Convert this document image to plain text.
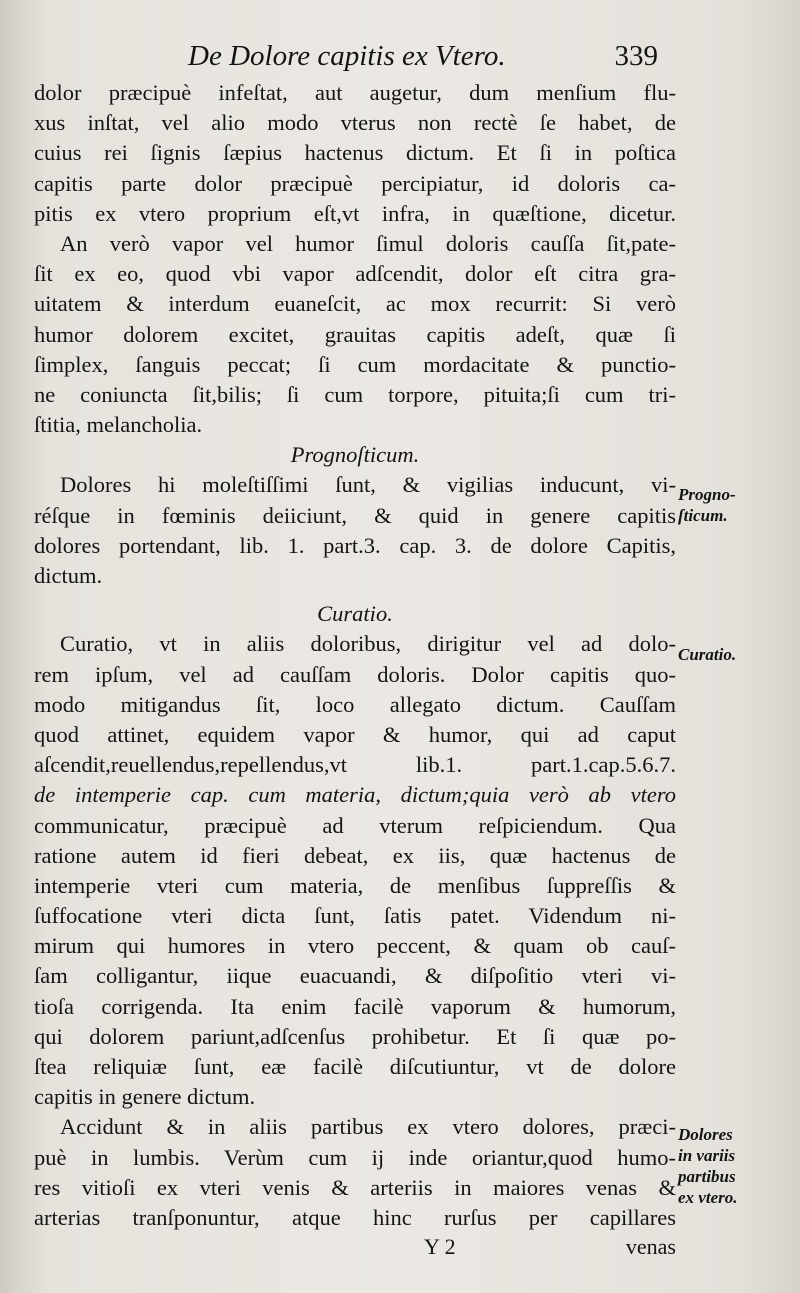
De Dolore capitis ex Vtero.	339
dolor præcipuè infeſtat, aut augetur, dum menſium flu-
xus inſtat, vel alio modo vterus non rectè ſe habet, de
cuius rei ſignis ſæpius hactenus dictum. Et ſi in poſtica
capitis parte dolor præcipuè percipiatur, id doloris ca-
pitis ex vtero proprium eſt,vt infra, in quæſtione, dicetur.
An verò vapor vel humor ſimul doloris cauſſa ſit,pate-
ſit ex eo, quod vbi vapor adſcendit, dolor eſt citra gra-
uitatem & interdum euaneſcit, ac mox recurrit: Si verò
humor dolorem excitet, grauitas capitis adeſt, quæ ſi
ſimplex, ſanguis peccat; ſi cum mordacitate & punctio-
ne coniuncta ſit,bilis; ſi cum torpore, pituita;ſi cum tri-
ſtitia, melancholia.
Prognoſticum.
Dolores hi moleſtiſſimi ſunt, & vigilias inducunt, vi-
réſque in fœminis deiiciunt, & quid in genere capitis
dolores portendant, lib. 1. part.3. cap. 3. de dolore Capitis,
dictum.
Curatio.
Curatio, vt in aliis doloribus, dirigitur vel ad dolo-
rem ipſum, vel ad cauſſam doloris. Dolor capitis quo-
modo mitigandus ſit, loco allegato dictum. Cauſſam
quod attinet, equidem vapor & humor, qui ad caput
aſcendit,reuellendus,repellendus,vt lib.1. part.1.cap.5.6.7.
de intemperie cap. cum materia, dictum;quia verò ab vtero
communicatur, præcipuè ad vterum reſpiciendum. Qua
ratione autem id fieri debeat, ex iis, quæ hactenus de
intemperie vteri cum materia, de menſibus ſuppreſſis &
ſuffocatione vteri dicta ſunt, ſatis patet. Videndum ni-
mirum qui humores in vtero peccent, & quam ob cauſ-
ſam colligantur, iique euacuandi, & diſpoſitio vteri vi-
tioſa corrigenda. Ita enim facilè vaporum & humorum,
qui dolorem pariunt,adſcenſus prohibetur. Et ſi quæ po-
ſtea reliquiæ ſunt, eæ facilè diſcutiuntur, vt de dolore
capitis in genere dictum.
Accidunt & in aliis partibus ex vtero dolores, præci-
puè in lumbis. Verùm cum ij inde oriantur,quod humo-
res vitioſi ex vteri venis & arteriis in maiores venas &
arterias tranſponuntur, atque hinc rurſus per capillares
Progno-
ſticum.
Curatio.
Dolores
in variis
partibus
ex vtero.
Y 2	venas
